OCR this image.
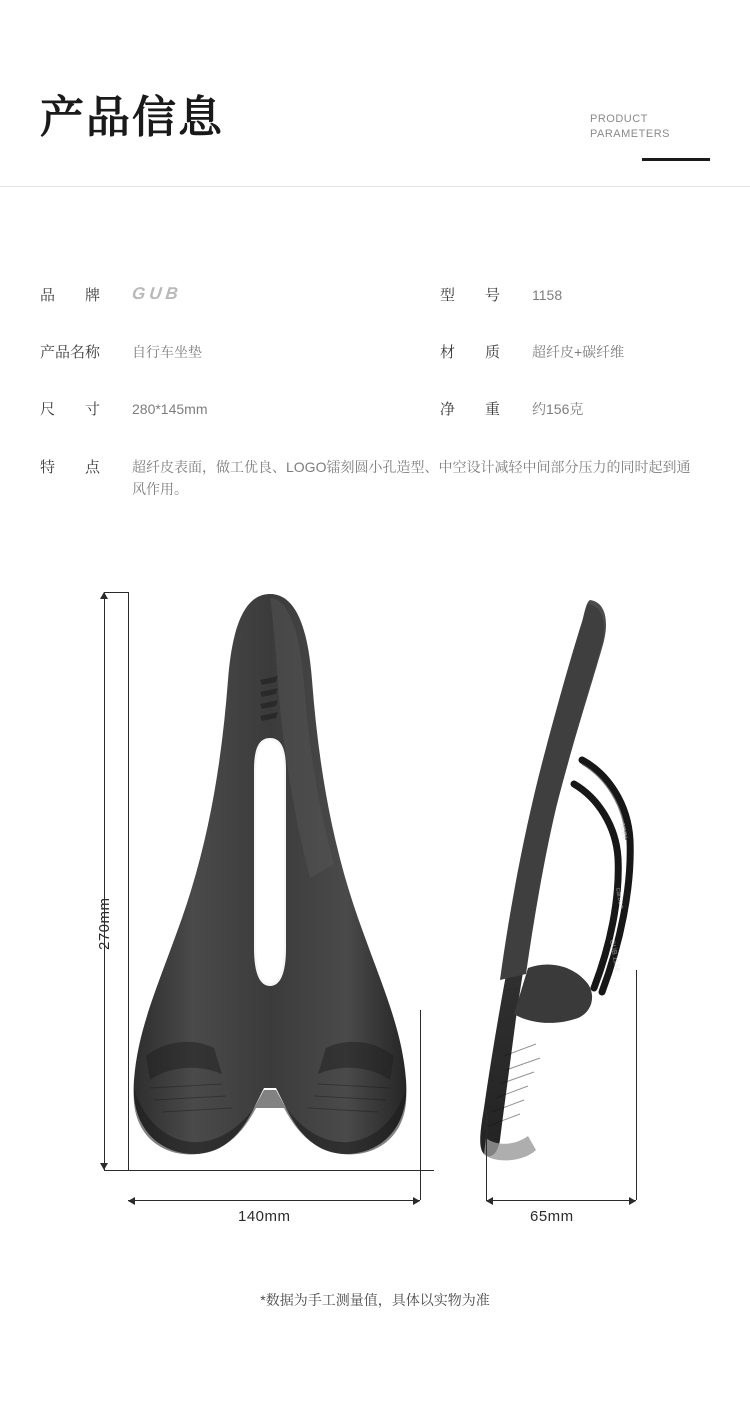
产品信息	PRODUCT
PARAMETERS
品　　牌	GUB	型　　号	1158
产品名称	自行车坐垫	材　　质	超纤皮+碳纤维
尺　　寸	280*145mm	净　　重	约156克
特　　点	超纤皮表面，做工优良、LOGO镭刻圆小孔造型、中空设计减轻中间部分压力的同时起到通风作用。
NNN
carbon
GUB 1158
270mm
140mm	65mm
*数据为手工测量值，具体以实物为准
